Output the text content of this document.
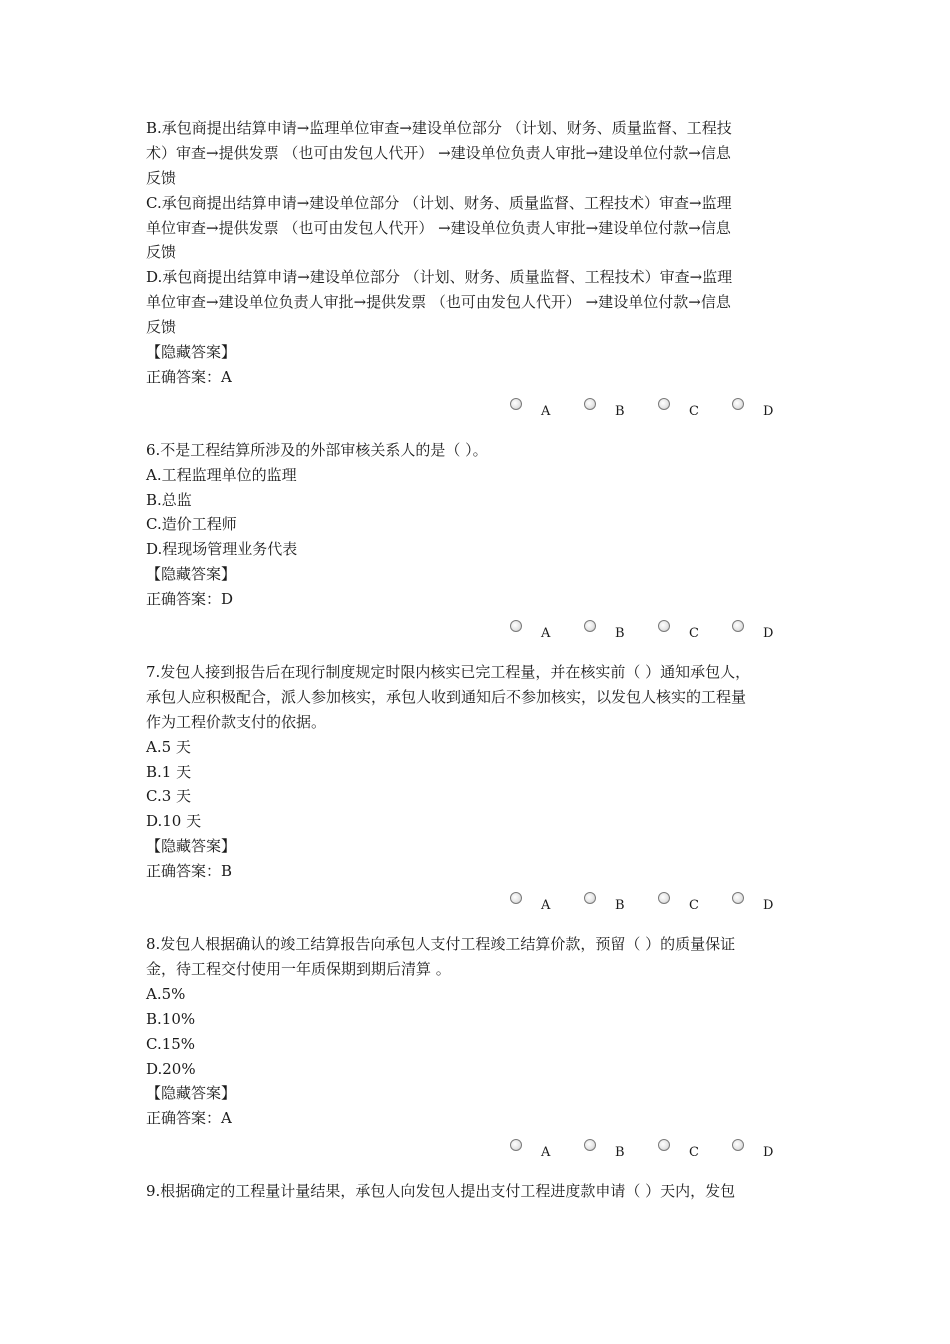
B.承包商提出结算申请→监理单位审查→建设单位部分 （计划、财务、质量监督、工程技
术）审查→提供发票 （也可由发包人代开） →建设单位负责人审批→建设单位付款→信息
反馈
C.承包商提出结算申请→建设单位部分 （计划、财务、质量监督、工程技术）审查→监理
单位审查→提供发票 （也可由发包人代开） →建设单位负责人审批→建设单位付款→信息
反馈
D.承包商提出结算申请→建设单位部分 （计划、财务、质量监督、工程技术）审查→监理
单位审查→建设单位负责人审批→提供发票 （也可由发包人代开） →建设单位付款→信息
反馈
【隐藏答案】
正确答案：A
A	B	C	D
6.不是工程结算所涉及的外部审核关系人的是（ ）。
A.工程监理单位的监理
B.总监
C.造价工程师
D.程现场管理业务代表
【隐藏答案】
正确答案：D
A	B	C	D
7.发包人接到报告后在现行制度规定时限内核实已完工程量，并在核实前（ ）通知承包人，
承包人应积极配合，派人参加核实，承包人收到通知后不参加核实，以发包人核实的工程量
作为工程价款支付的依据。
A.5 天
B.1 天
C.3 天
D.10 天
【隐藏答案】
正确答案：B
A	B	C	D
8.发包人根据确认的竣工结算报告向承包人支付工程竣工结算价款，预留（ ）的质量保证
金，待工程交付使用一年质保期到期后清算 。
A.5%
B.10%
C.15%
D.20%
【隐藏答案】
正确答案：A
A	B	C	D
9.根据确定的工程量计量结果，承包人向发包人提出支付工程进度款申请（ ）天内，发包
